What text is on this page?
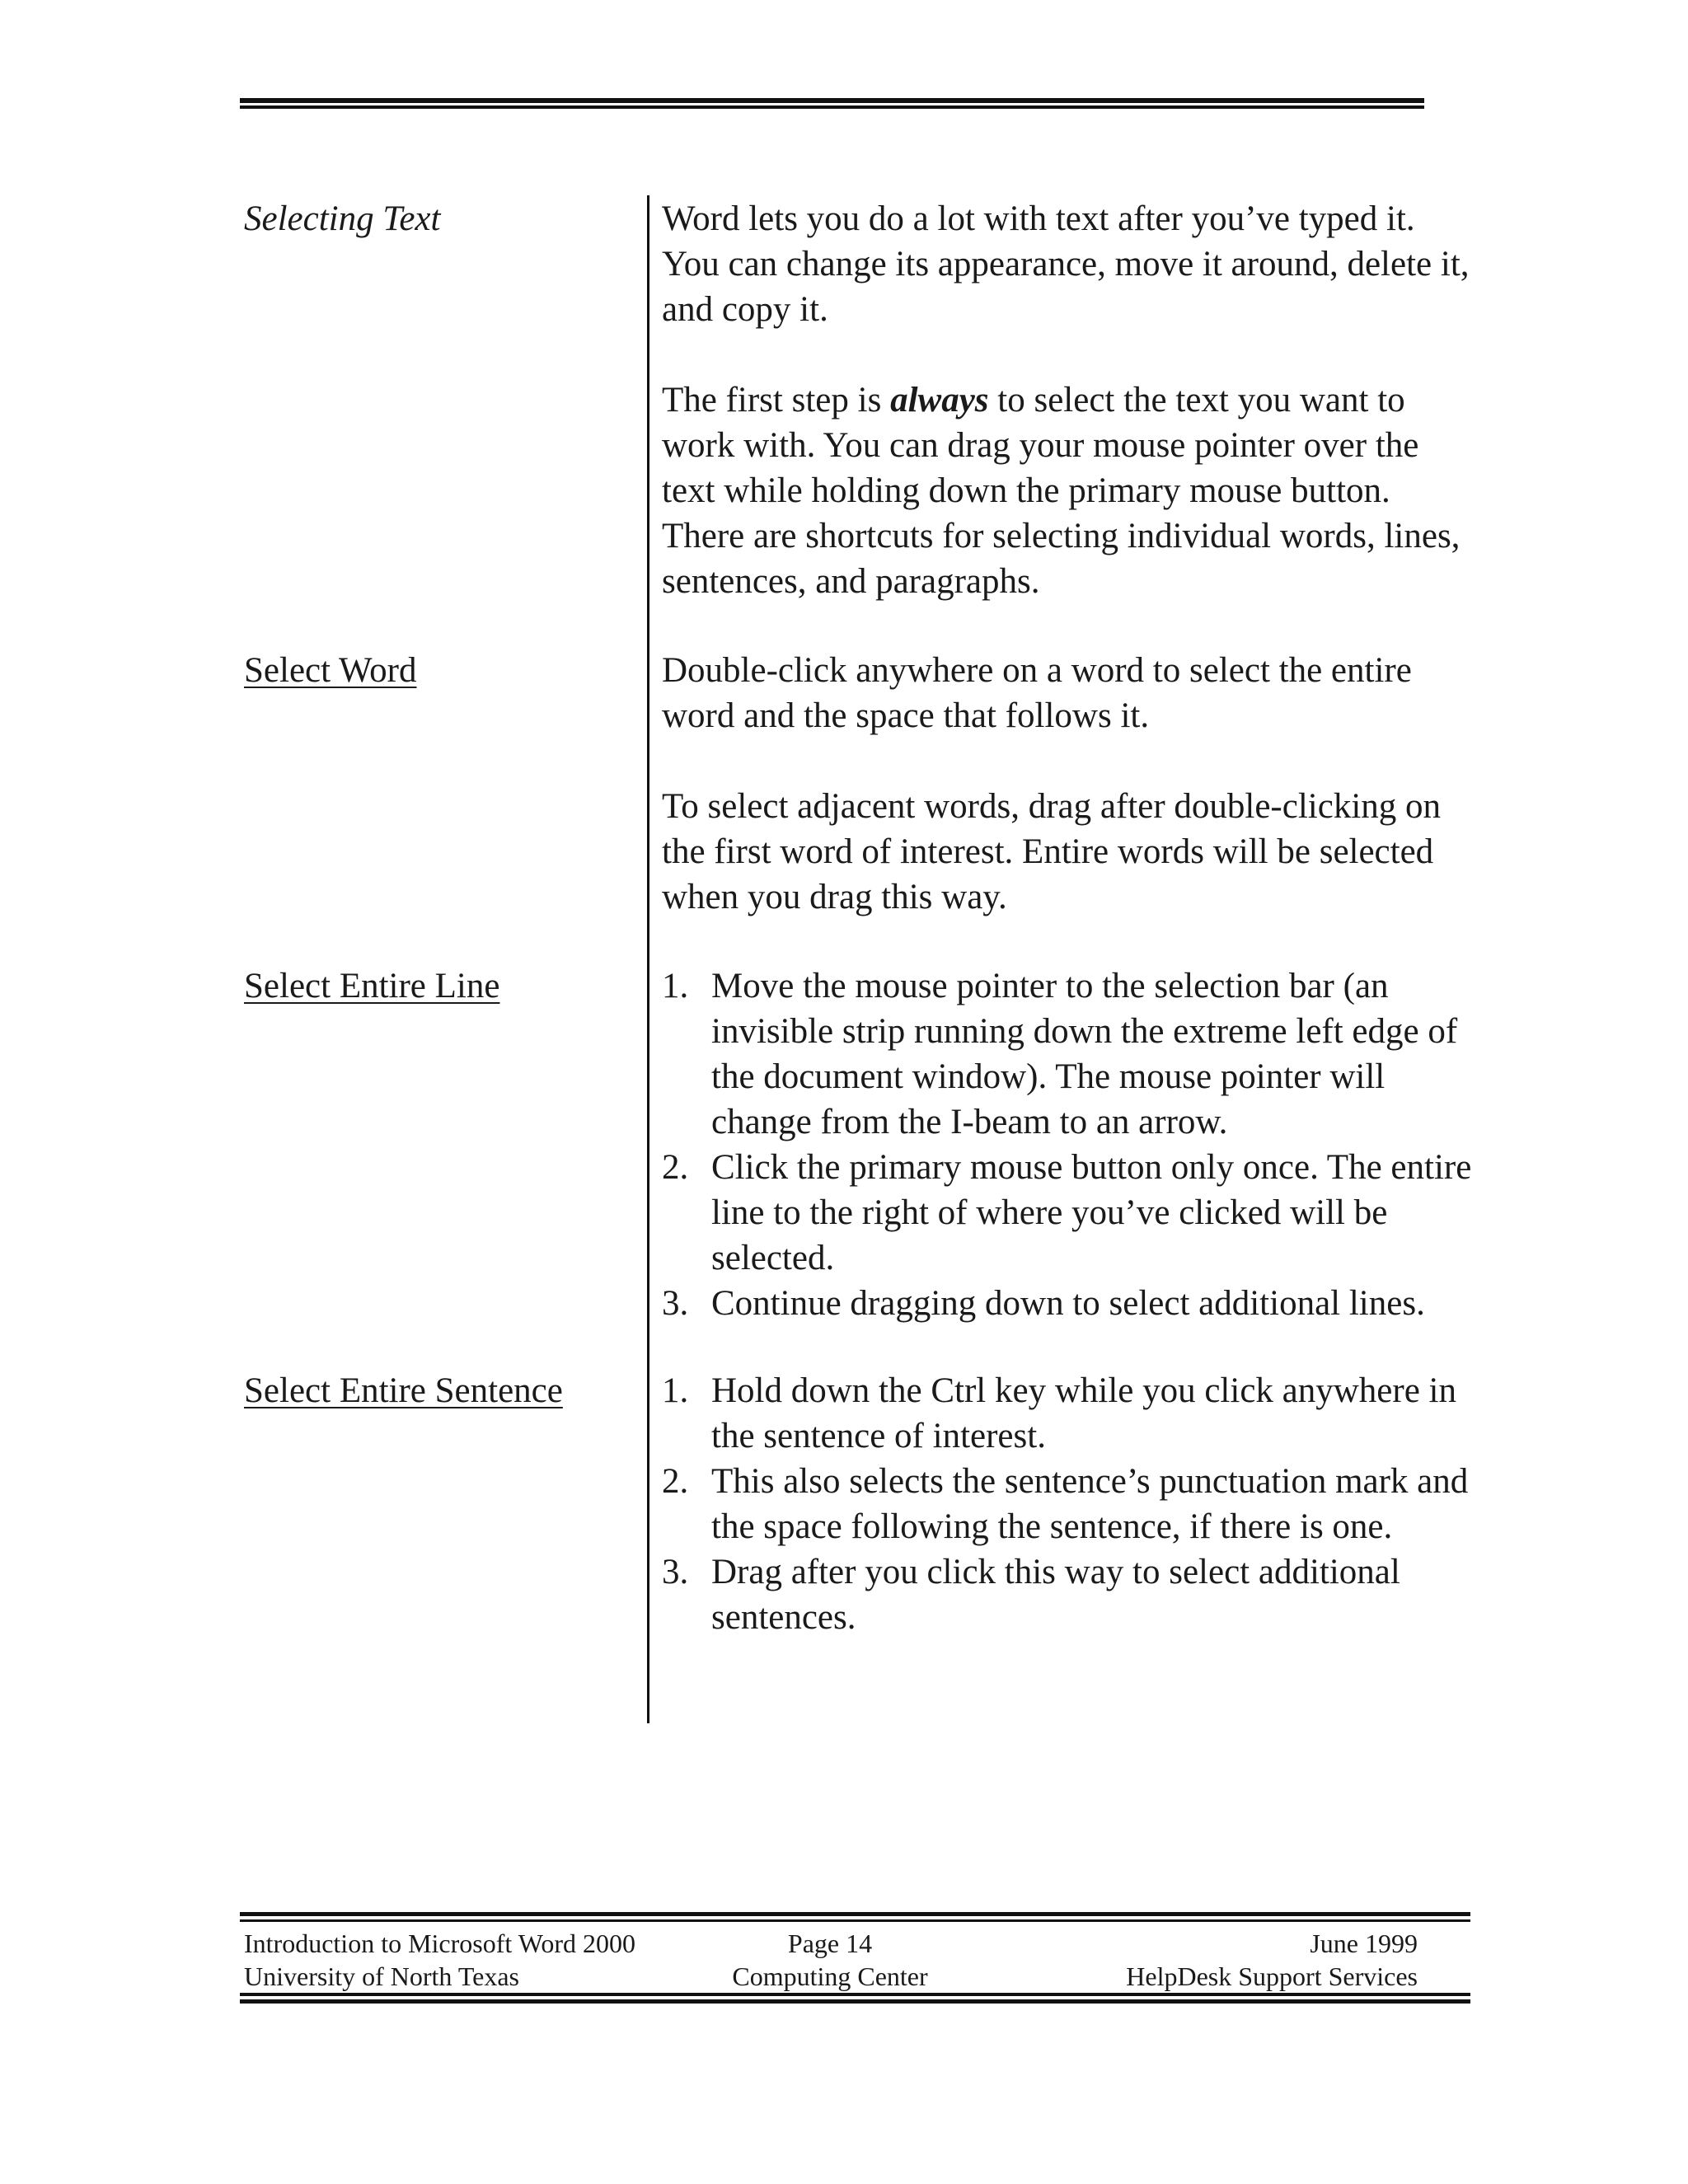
Selecting Text	Word lets you do a lot with text after you’ve typed it. You can change its appearance, move it around, delete it, and copy it.

The first step is always to select the text you want to work with. You can drag your mouse pointer over the text while holding down the primary mouse button. There are shortcuts for selecting individual words, lines, sentences, and paragraphs.

Select Word	Double-click anywhere on a word to select the entire word and the space that follows it.

To select adjacent words, drag after double-clicking on the first word of interest. Entire words will be selected when you drag this way.

Select Entire Line	1. Move the mouse pointer to the selection bar (an invisible strip running down the extreme left edge of the document window). The mouse pointer will change from the I-beam to an arrow.
2. Click the primary mouse button only once. The entire line to the right of where you’ve clicked will be selected.
3. Continue dragging down to select additional lines.

Select Entire Sentence	1. Hold down the Ctrl key while you click anywhere in the sentence of interest.
2. This also selects the sentence’s punctuation mark and the space following the sentence, if there is one.
3. Drag after you click this way to select additional sentences.
Introduction to Microsoft Word 2000	Page 14	June 1999
University of North Texas	Computing Center	HelpDesk Support Services
